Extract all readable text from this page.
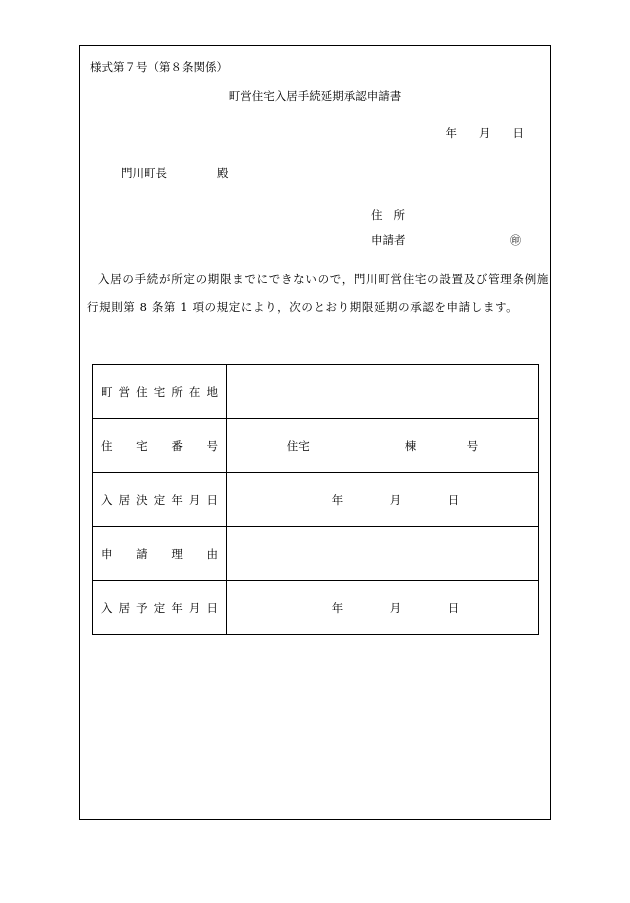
様式第７号（第８条関係）
町営住宅入居手続延期承認申請書
年 月 日
門川町長	殿
住 所
申請者	㊞
入居の手続が所定の期限までにできないので，門川町営住宅の設置及び管理条例施行規則第 8 条第 1 項の規定により，次のとおり期限延期の承認を申請します。
町営住宅所在地	
住宅番号	住宅 棟 号

入居決定年月日	年 月 日

申請理由	
入居予定年月日	年 月 日
